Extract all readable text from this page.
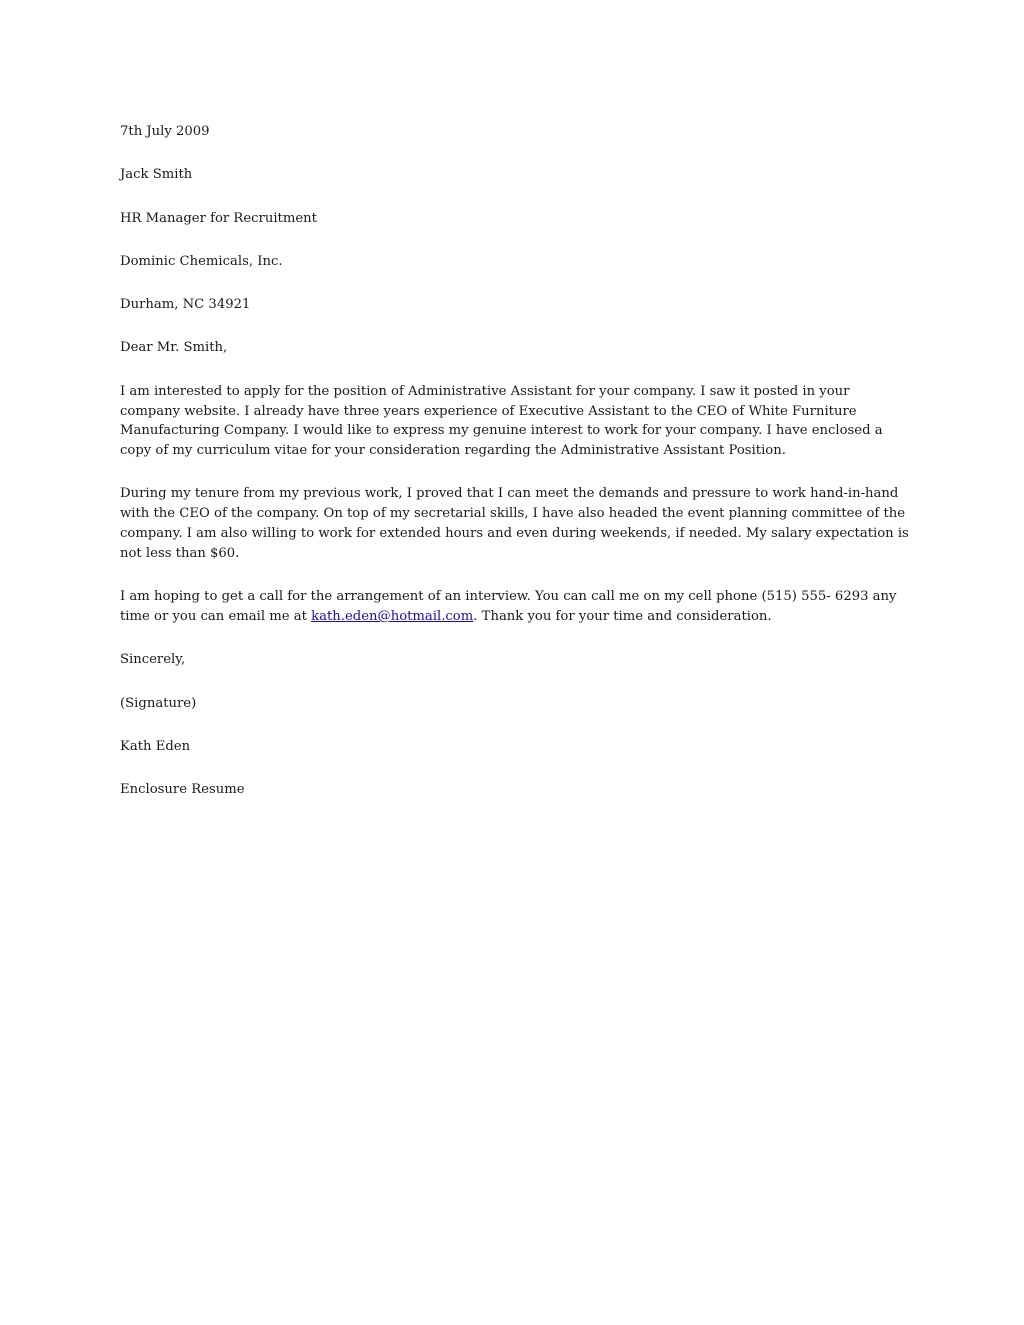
7th July 2009
Jack Smith
HR Manager for Recruitment
Dominic Chemicals, Inc.
Durham, NC 34921
Dear Mr. Smith,

I am interested to apply for the position of Administrative Assistant for your company. I saw it posted in your company website. I already have three years experience of Executive Assistant to the CEO of White Furniture Manufacturing Company. I would like to express my genuine interest to work for your company. I have enclosed a copy of my curriculum vitae for your consideration regarding the Administrative Assistant Position.

During my tenure from my previous work, I proved that I can meet the demands and pressure to work hand-in-hand with the CEO of the company. On top of my secretarial skills, I have also headed the event planning committee of the company. I am also willing to work for extended hours and even during weekends, if needed. My salary expectation is not less than $60.

I am hoping to get a call for the arrangement of an interview. You can call me on my cell phone (515) 555- 6293 any time or you can email me at kath.eden@hotmail.com. Thank you for your time and consideration.

Sincerely,
(Signature)
Kath Eden
Enclosure Resume
